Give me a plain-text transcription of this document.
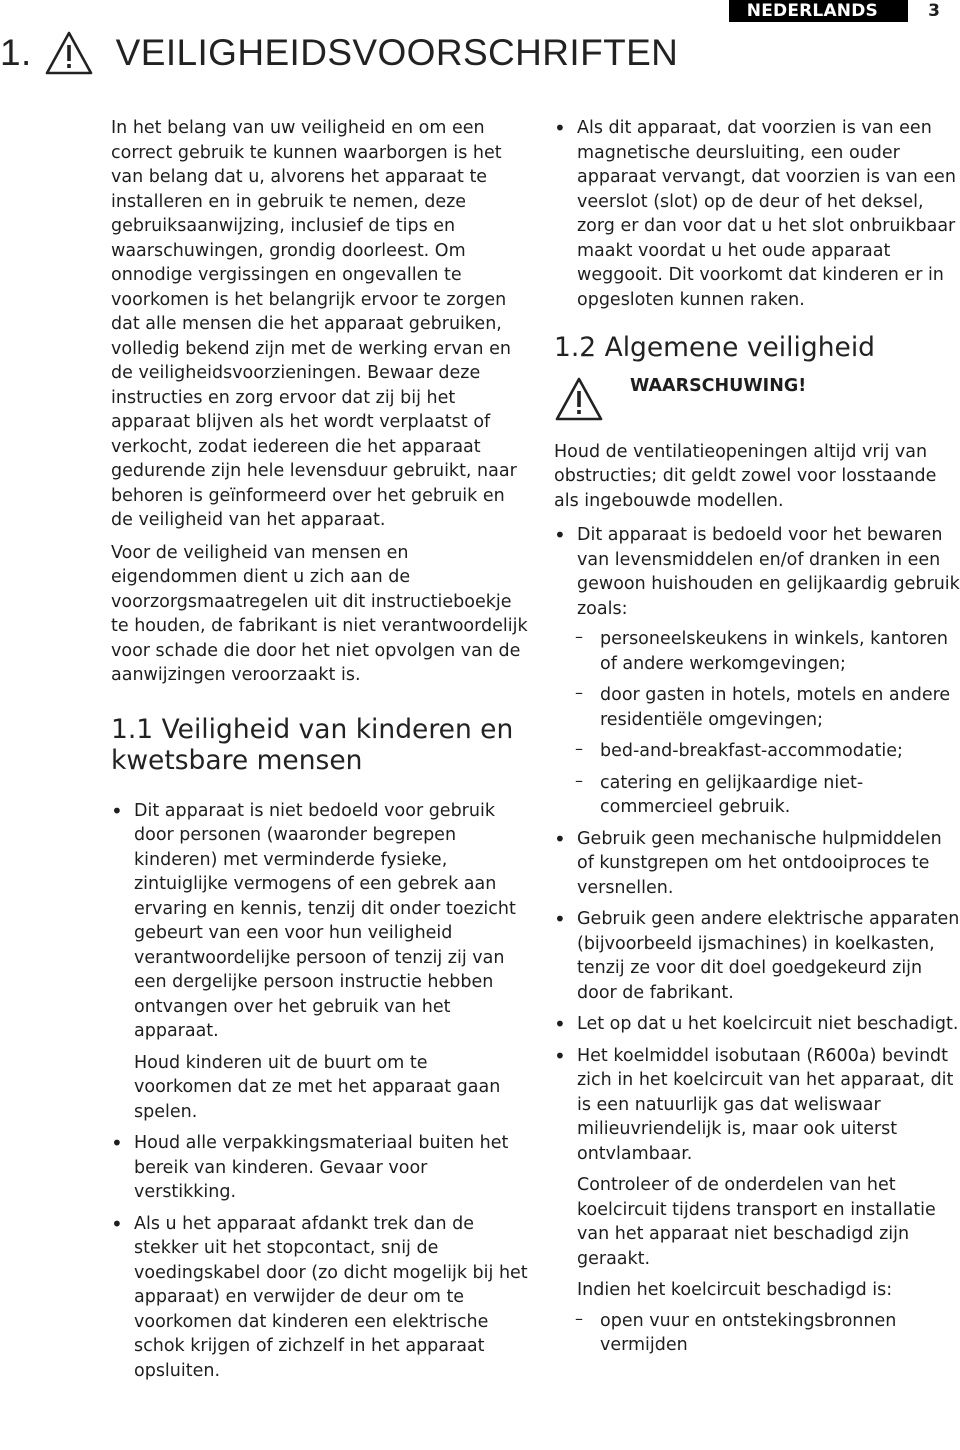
NEDERLANDS	3
1. VEILIGHEIDSVOORSCHRIFTEN

In het belang van uw veiligheid en om een correct gebruik te kunnen waarborgen is het van belang dat u, alvorens het apparaat te installeren en in gebruik te nemen, deze gebruiksaanwijzing, inclusief de tips en waarschuwingen, grondig doorleest. Om onnodige vergissingen en ongevallen te voorkomen is het belangrijk ervoor te zorgen dat alle mensen die het apparaat gebruiken, volledig bekend zijn met de werking ervan en de veiligheidsvoorzieningen. Bewaar deze instructies en zorg ervoor dat zij bij het apparaat blijven als het wordt verplaatst of verkocht, zodat iedereen die het apparaat gedurende zijn hele levensduur gebruikt, naar behoren is geïnformeerd over het gebruik en de veiligheid van het apparaat.

Voor de veiligheid van mensen en eigendommen dient u zich aan de voorzorgsmaatregelen uit dit instructieboekje te houden, de fabrikant is niet verantwoordelijk voor schade die door het niet opvolgen van de aanwijzingen veroorzaakt is.

1.1 Veiligheid van kinderen en kwetsbare mensen

• Dit apparaat is niet bedoeld voor gebruik door personen (waaronder begrepen kinderen) met verminderde fysieke, zintuiglijke vermogens of een gebrek aan ervaring en kennis, tenzij dit onder toezicht gebeurt van een voor hun veiligheid verantwoordelijke persoon of tenzij zij van een dergelijke persoon instructie hebben ontvangen over het gebruik van het apparaat.

Houd kinderen uit de buurt om te voorkomen dat ze met het apparaat gaan spelen.

• Houd alle verpakkingsmateriaal buiten het bereik van kinderen. Gevaar voor verstikking.

• Als u het apparaat afdankt trek dan de stekker uit het stopcontact, snij de voedingskabel door (zo dicht mogelijk bij het apparaat) en verwijder de deur om te voorkomen dat kinderen een elektrische schok krijgen of zichzelf in het apparaat opsluiten.

• Als dit apparaat, dat voorzien is van een magnetische deursluiting, een ouder apparaat vervangt, dat voorzien is van een veerslot (slot) op de deur of het deksel, zorg er dan voor dat u het slot onbruikbaar maakt voordat u het oude apparaat weggooit. Dit voorkomt dat kinderen er in opgesloten kunnen raken.

1.2 Algemene veiligheid
WAARSCHUWING!

Houd de ventilatieopeningen altijd vrij van obstructies; dit geldt zowel voor losstaande als ingebouwde modellen.

• Dit apparaat is bedoeld voor het bewaren van levensmiddelen en/of dranken in een gewoon huishouden en gelijkaardig gebruik zoals:

– personeelskeukens in winkels, kantoren of andere werkomgevingen;

– door gasten in hotels, motels en andere residentiële omgevingen;

– bed-and-breakfast-accommodatie;

– catering en gelijkaardige niet-commercieel gebruik.

• Gebruik geen mechanische hulpmiddelen of kunstgrepen om het ontdooiproces te versnellen.

• Gebruik geen andere elektrische apparaten (bijvoorbeeld ijsmachines) in koelkasten, tenzij ze voor dit doel goedgekeurd zijn door de fabrikant.

• Let op dat u het koelcircuit niet beschadigt.

• Het koelmiddel isobutaan (R600a) bevindt zich in het koelcircuit van het apparaat, dit is een natuurlijk gas dat weliswaar milieuvriendelijk is, maar ook uiterst ontvlambaar.

Controleer of de onderdelen van het koelcircuit tijdens transport en installatie van het apparaat niet beschadigd zijn geraakt.

Indien het koelcircuit beschadigd is:

– open vuur en ontstekingsbronnen vermijden
